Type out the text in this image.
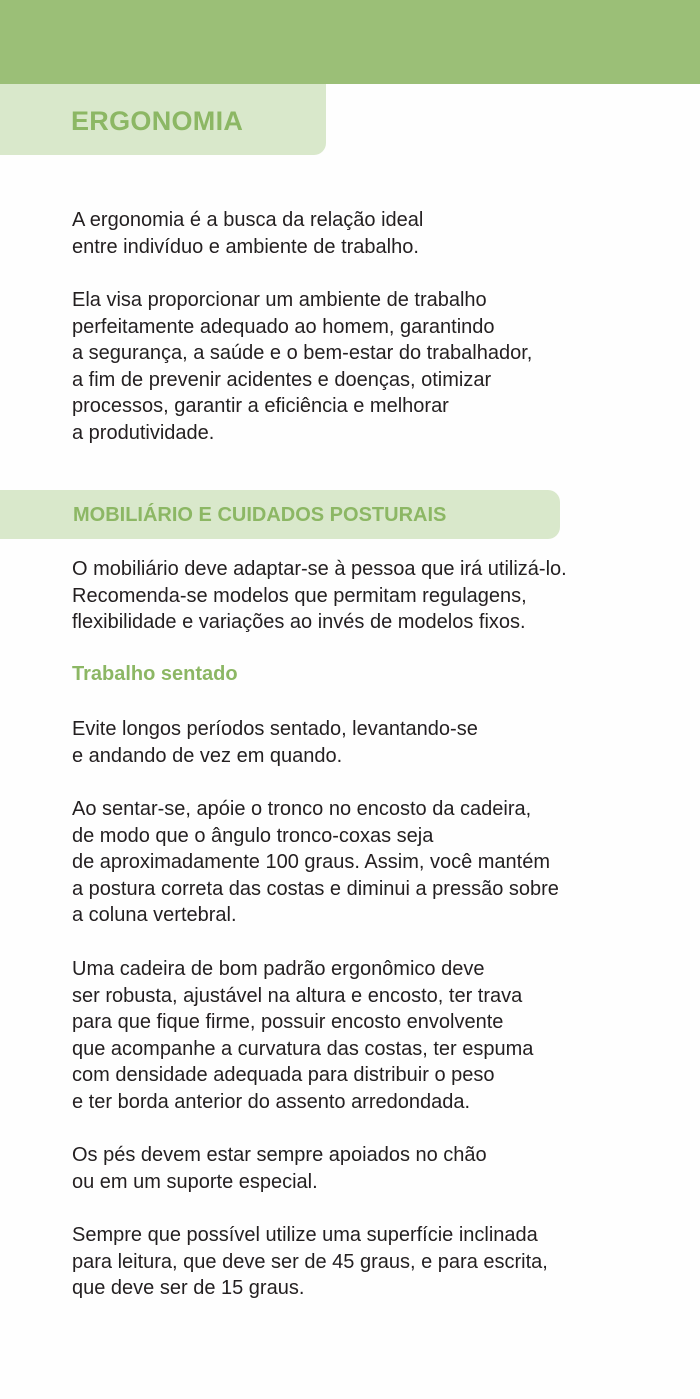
ERGONOMIA

A ergonomia é a busca da relação ideal
entre indivíduo e ambiente de trabalho.

Ela visa proporcionar um ambiente de trabalho
perfeitamente adequado ao homem, garantindo
a segurança, a saúde e o bem-estar do trabalhador,
a fim de prevenir acidentes e doenças, otimizar
processos, garantir a eficiência e melhorar
a produtividade.

MOBILIÁRIO E CUIDADOS POSTURAIS

O mobiliário deve adaptar-se à pessoa que irá utilizá-lo.
Recomenda-se modelos que permitam regulagens,
flexibilidade e variações ao invés de modelos fixos.

Trabalho sentado

Evite longos períodos sentado, levantando-se
e andando de vez em quando.

Ao sentar-se, apóie o tronco no encosto da cadeira,
de modo que o ângulo tronco-coxas seja
de aproximadamente 100 graus. Assim, você mantém
a postura correta das costas e diminui a pressão sobre
a coluna vertebral.

Uma cadeira de bom padrão ergonômico deve
ser robusta, ajustável na altura e encosto, ter trava
para que fique firme, possuir encosto envolvente
que acompanhe a curvatura das costas, ter espuma
com densidade adequada para distribuir o peso
e ter borda anterior do assento arredondada.

Os pés devem estar sempre apoiados no chão
ou em um suporte especial.

Sempre que possível utilize uma superfície inclinada
para leitura, que deve ser de 45 graus, e para escrita,
que deve ser de 15 graus.
